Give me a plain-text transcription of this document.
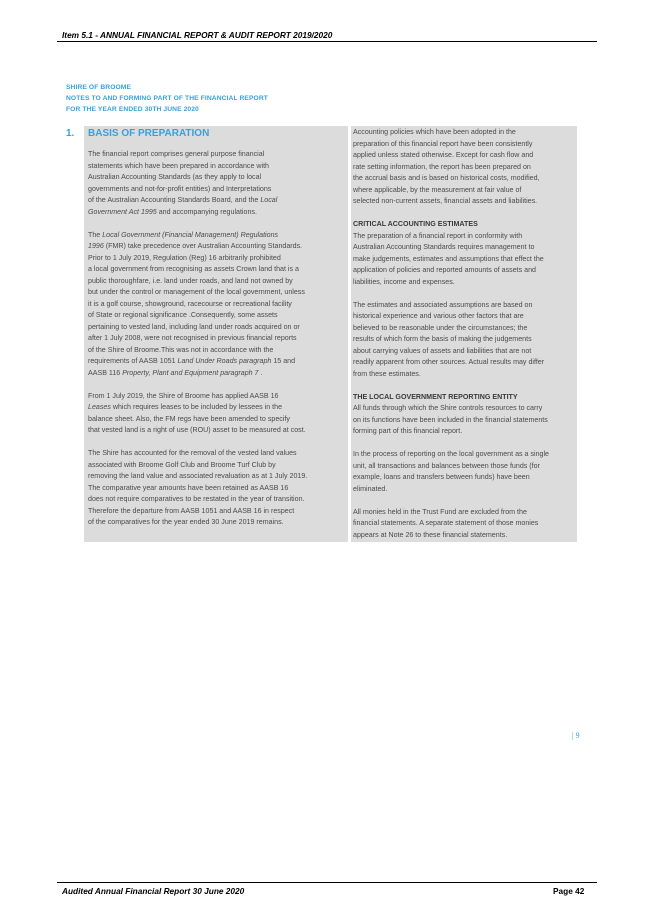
Item 5.1 - ANNUAL FINANCIAL REPORT & AUDIT REPORT 2019/2020
SHIRE OF BROOME
NOTES TO AND FORMING PART OF THE FINANCIAL REPORT
FOR THE YEAR ENDED 30TH JUNE 2020
1. BASIS OF PREPARATION
The financial report comprises general purpose financial
statements which have been prepared in accordance with
Australian Accounting Standards (as they apply to local
governments and not-for-profit entities) and Interpretations
of the Australian Accounting Standards Board, and the Local
Government Act 1995 and accompanying regulations.
The Local Government (Financial Management) Regulations
1996 (FMR) take precedence over Australian Accounting Standards.
Prior to 1 July 2019, Regulation (Reg) 16 arbitrarily prohibited
a local government from recognising as assets Crown land that is a
public thoroughfare, i.e. land under roads, and land not owned by
but under the control or management of the local government, unless
it is a golf course, showground, racecourse or recreational facility
of State or regional significance .Consequently, some assets
pertaining to vested land, including land under roads acquired on or
after 1 July 2008, were not recognised in previous financial reports
of the Shire of Broome.This was not in accordance with the
requirements of AASB 1051 Land Under Roads paragraph 15 and
AASB 116 Property, Plant and Equipment paragraph 7 .
From 1 July 2019, the Shire of Broome has applied AASB 16
Leases which requires leases to be included by lessees in the
balance sheet. Also, the FM regs have been amended to specify
that vested land is a right of use (ROU) asset to be measured at cost.
The Shire has accounted for the removal of the vested land values
associated with Broome Golf Club and Broome Turf Club by
removing the land value and associated revaluation as at 1 July 2019.
The comparative year amounts have been retained as AASB 16
does not require comparatives to be restated in the year of transition.
Therefore the departure from AASB 1051 and AASB 16 in respect
of the comparatives for the year ended 30 June 2019 remains.
Accounting policies which have been adopted in the
preparation of this financial report have been consistently
applied unless stated otherwise. Except for cash flow and
rate setting information, the report has been prepared on
the accrual basis and is based on historical costs, modified,
where applicable, by the measurement at fair value of
selected non-current assets, financial assets and liabilities.
CRITICAL ACCOUNTING ESTIMATES
The preparation of a financial report in conformity with
Australian Accounting Standards requires management to
make judgements, estimates and assumptions that effect the
application of policies and reported amounts of assets and
liabilities, income and expenses.
The estimates and associated assumptions are based on
historical experience and various other factors that are
believed to be reasonable under the circumstances; the
results of which form the basis of making the judgements
about carrying values of assets and liabilities that are not
readily apparent from other sources. Actual results may differ
from these estimates.
THE LOCAL GOVERNMENT REPORTING ENTITY
All funds through which the Shire controls resources to carry
on its functions have been included in the financial statements
forming part of this financial report.
In the process of reporting on the local government as a single
unit, all transactions and balances between those funds (for
example, loans and transfers between funds) have been
eliminated.
All monies held in the Trust Fund are excluded from the
financial statements. A separate statement of those monies
appears at Note 26 to these financial statements.
| 9
Audited Annual Financial Report 30 June 2020	Page 42
